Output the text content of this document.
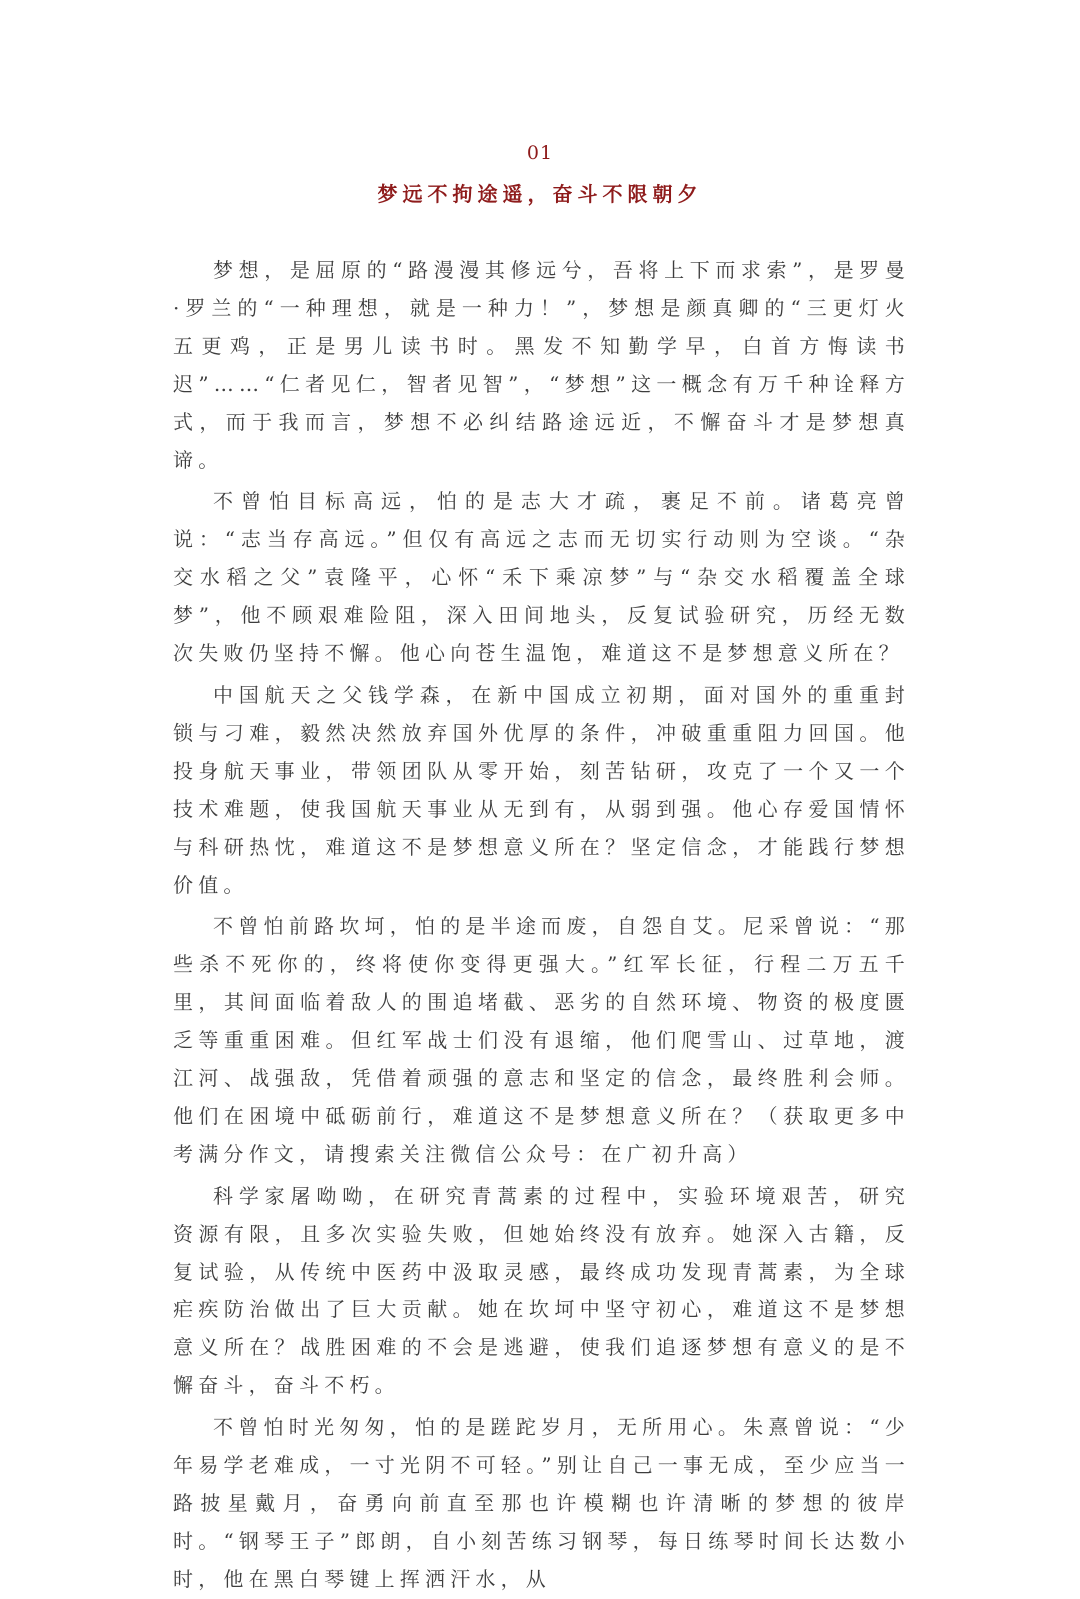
01
梦远不拘途遥，奋斗不限朝夕

梦想，是屈原的“路漫漫其修远兮，吾将上下而求索”，是罗曼·罗兰的“一种理想，就是一种力！”，梦想是颜真卿的“三更灯火五更鸡，正是男儿读书时。黑发不知勤学早，白首方悔读书迟”……“仁者见仁，智者见智”，“梦想”这一概念有万千种诠释方式，而于我而言，梦想不必纠结路途远近，不懈奋斗才是梦想真谛。

不曾怕目标高远，怕的是志大才疏，裹足不前。诸葛亮曾说：“志当存高远。”但仅有高远之志而无切实行动则为空谈。“杂交水稻之父”袁隆平，心怀“禾下乘凉梦”与“杂交水稻覆盖全球梦”，他不顾艰难险阻，深入田间地头，反复试验研究，历经无数次失败仍坚持不懈。他心向苍生温饱，难道这不是梦想意义所在？

中国航天之父钱学森，在新中国成立初期，面对国外的重重封锁与刁难，毅然决然放弃国外优厚的条件，冲破重重阻力回国。他投身航天事业，带领团队从零开始，刻苦钻研，攻克了一个又一个技术难题，使我国航天事业从无到有，从弱到强。他心存爱国情怀与科研热忱，难道这不是梦想意义所在？坚定信念，才能践行梦想价值。

不曾怕前路坎坷，怕的是半途而废，自怨自艾。尼采曾说：“那些杀不死你的，终将使你变得更强大。”红军长征，行程二万五千里，其间面临着敌人的围追堵截、恶劣的自然环境、物资的极度匮乏等重重困难。但红军战士们没有退缩，他们爬雪山、过草地，渡江河、战强敌，凭借着顽强的意志和坚定的信念，最终胜利会师。他们在困境中砥砺前行，难道这不是梦想意义所在？（获取更多中考满分作文，请搜索关注微信公众号：在广初升高）

科学家屠呦呦，在研究青蒿素的过程中，实验环境艰苦，研究资源有限，且多次实验失败，但她始终没有放弃。她深入古籍，反复试验，从传统中医药中汲取灵感，最终成功发现青蒿素，为全球疟疾防治做出了巨大贡献。她在坎坷中坚守初心，难道这不是梦想意义所在？战胜困难的不会是逃避，使我们追逐梦想有意义的是不懈奋斗，奋斗不朽。

不曾怕时光匆匆，怕的是蹉跎岁月，无所用心。朱熹曾说：“少年易学老难成，一寸光阴不可轻。”别让自己一事无成，至少应当一路披星戴月，奋勇向前直至那也许模糊也许清晰的梦想的彼岸时。“钢琴王子”郎朗，自小刻苦练习钢琴，每日练琴时间长达数小时，他在黑白琴键上挥洒汗水，从
